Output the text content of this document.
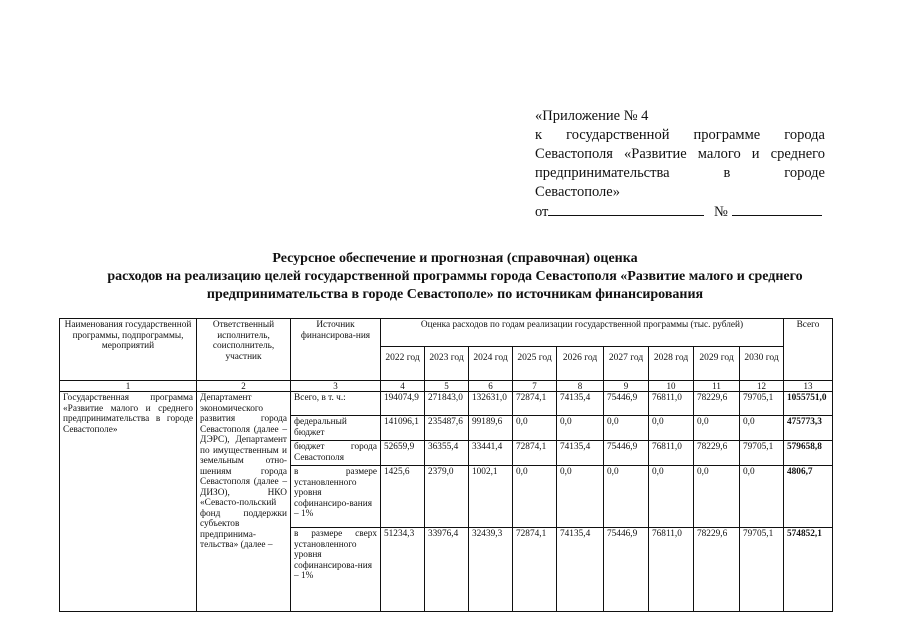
«Приложение № 4
к государственной программе города
Севастополя «Развитие малого и среднего
предпринимательства в городе
Севастополе»
от	№
Ресурсное обеспечение и прогнозная (справочная) оценка
расходов на реализацию целей государственной программы города Севастополя «Развитие малого и среднего
предпринимательства в городе Севастополе» по источникам финансирования
Наименования государственной программы, подпрограммы, мероприятий	Ответственный исполнитель, соисполнитель, участник	Источник финансирова-ния	Оценка расходов по годам реализации государственной программы (тыс. рублей)									Всего
			2022 год	2023 год	2024 год	2025 год	2026 год	2027 год	2028 год	2029 год	2030 год	
1	2	3	4	5	6	7	8	9	10	11	12	13
Государственная программа «Развитие малого и среднего предпринимательства в городе Севастополе»	Департамент экономического развития города Севастополя (далее – ДЭРС), Департамент по имущественным и земельным отно-шениям города Севастополя (далее – ДИЗО), НКО «Севасто-польский фонд поддержки субъектов предпринима-тельства» (далее –	Всего, в т. ч.:	194074,9	271843,0	132631,0	72874,1	74135,4	75446,9	76811,0	78229,6	79705,1	1055751,0
		федеральный бюджет	141096,1	235487,6	99189,6	0,0	0,0	0,0	0,0	0,0	0,0	475773,3
		бюджет города Севастополя	52659,9	36355,4	33441,4	72874,1	74135,4	75446,9	76811,0	78229,6	79705,1	579658,8
		в размере установленного уровня софинансиро-вания – 1%	1425,6	2379,0	1002,1	0,0	0,0	0,0	0,0	0,0	0,0	4806,7
		в размере сверх установленного уровня софинансирова-ния – 1%	51234,3	33976,4	32439,3	72874,1	74135,4	75446,9	76811,0	78229,6	79705,1	574852,1
